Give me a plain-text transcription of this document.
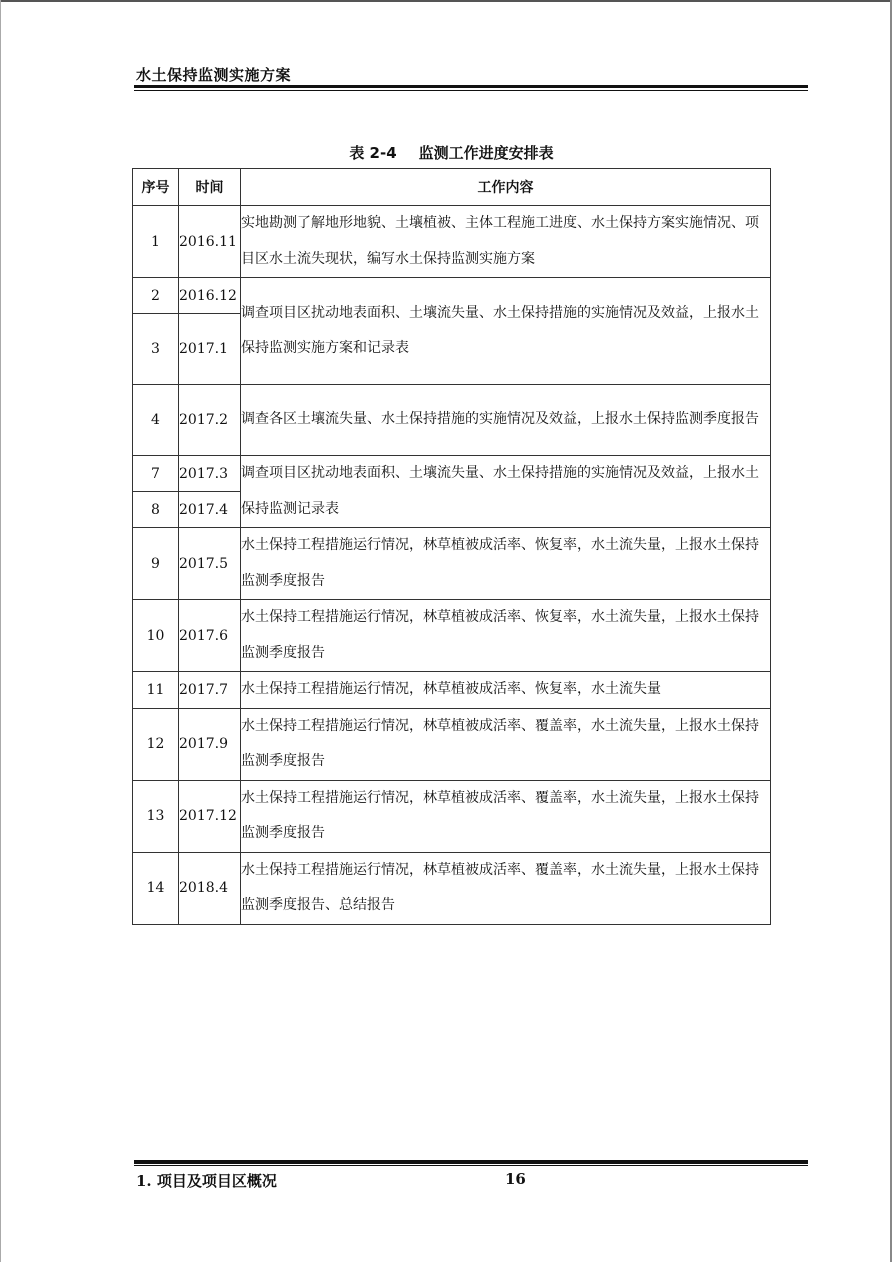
水土保持监测实施方案
表 2-4 监测工作进度安排表
序号	时间	工作内容
1	2016.11	实地勘测了解地形地貌、土壤植被、主体工程施工进度、水土保持方案实施情况、项目区水土流失现状，编写水土保持监测实施方案
2	2016.12	调查项目区扰动地表面积、土壤流失量、水土保持措施的实施情况及效益，上报水土保持监测实施方案和记录表
3	2017.1	
4	2017.2	调查各区土壤流失量、水土保持措施的实施情况及效益，上报水土保持监测季度报告
7	2017.3	调查项目区扰动地表面积、土壤流失量、水土保持措施的实施情况及效益，上报水土保持监测记录表
8	2017.4	
9	2017.5	水土保持工程措施运行情况，林草植被成活率、恢复率，水土流失量，上报水土保持监测季度报告
10	2017.6	水土保持工程措施运行情况，林草植被成活率、恢复率，水土流失量，上报水土保持监测季度报告
11	2017.7	水土保持工程措施运行情况，林草植被成活率、恢复率，水土流失量
12	2017.9	水土保持工程措施运行情况，林草植被成活率、覆盖率，水土流失量，上报水土保持监测季度报告
13	2017.12	水土保持工程措施运行情况，林草植被成活率、覆盖率，水土流失量，上报水土保持监测季度报告
14	2018.4	水土保持工程措施运行情况，林草植被成活率、覆盖率，水土流失量，上报水土保持监测季度报告、总结报告
1. 项目及项目区概况	16
